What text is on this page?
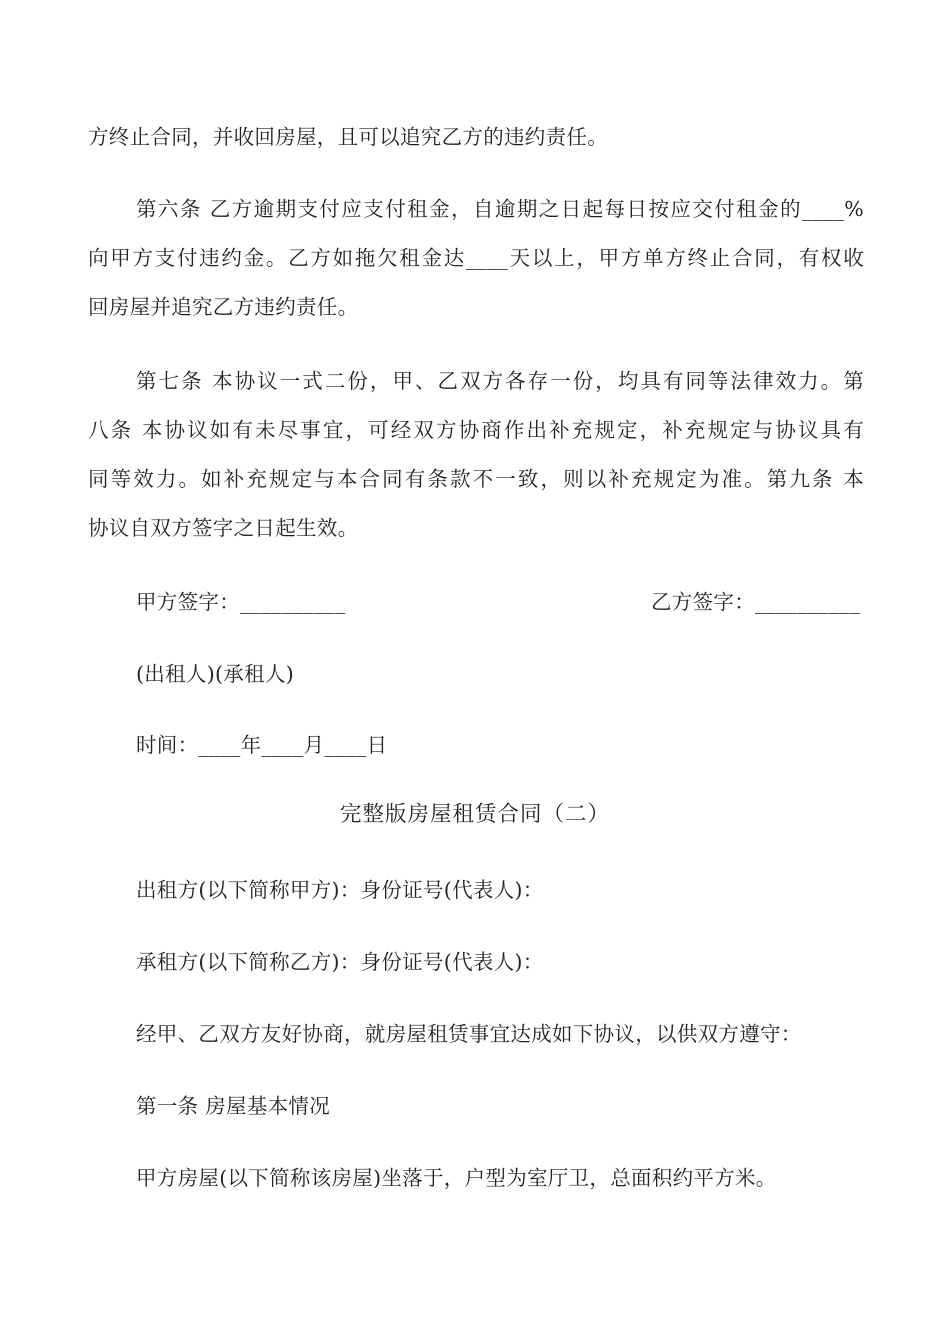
方终止合同，并收回房屋，且可以追究乙方的违约责任。

第六条 乙方逾期支付应支付租金，自逾期之日起每日按应交付租金的____%

向甲方支付违约金。乙方如拖欠租金达____天以上，甲方单方终止合同，有权收

回房屋并追究乙方违约责任。

第七条 本协议一式二份，甲、乙双方各存一份，均具有同等法律效力。第

八条 本协议如有未尽事宜，可经双方协商作出补充规定，补充规定与协议具有

同等效力。如补充规定与本合同有条款不一致，则以补充规定为准。第九条 本

协议自双方签字之日起生效。

甲方签字：__________	乙方签字：__________
(出租人)(承租人)
时间：____年____月____日
完整版房屋租赁合同（二）
出租方(以下简称甲方)：身份证号(代表人)：
承租方(以下简称乙方)：身份证号(代表人)：
经甲、乙双方友好协商，就房屋租赁事宜达成如下协议，以供双方遵守：
第一条 房屋基本情况
甲方房屋(以下简称该房屋)坐落于，户型为室厅卫，总面积约平方米。
